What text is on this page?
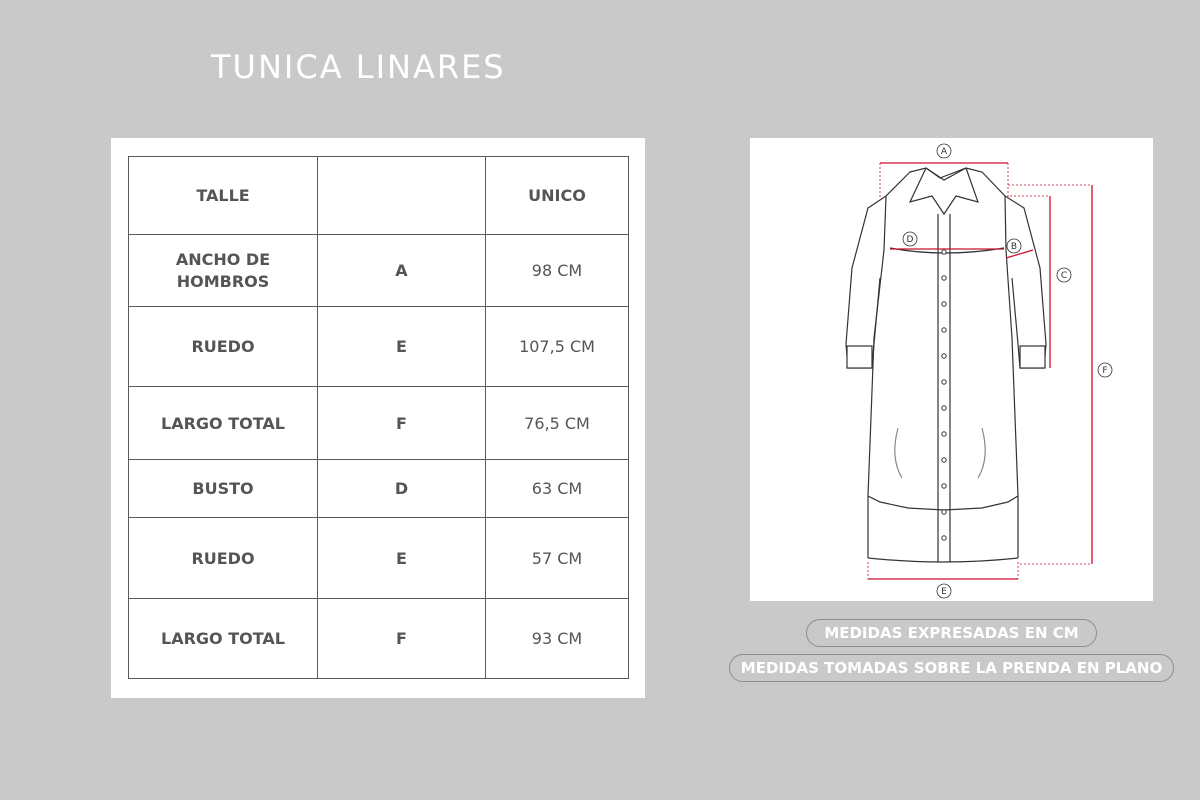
TUNICA LINARES
TALLE		UNICO
ANCHO DE HOMBROS	A	98 CM
RUEDO	E	107,5 CM
LARGO TOTAL	F	76,5 CM
BUSTO	D	63 CM
RUEDO	E	57 CM
LARGO TOTAL	F	93 CM
A
D
B
C
F
E
MEDIDAS EXPRESADAS EN CM
MEDIDAS TOMADAS SOBRE LA PRENDA EN PLANO
